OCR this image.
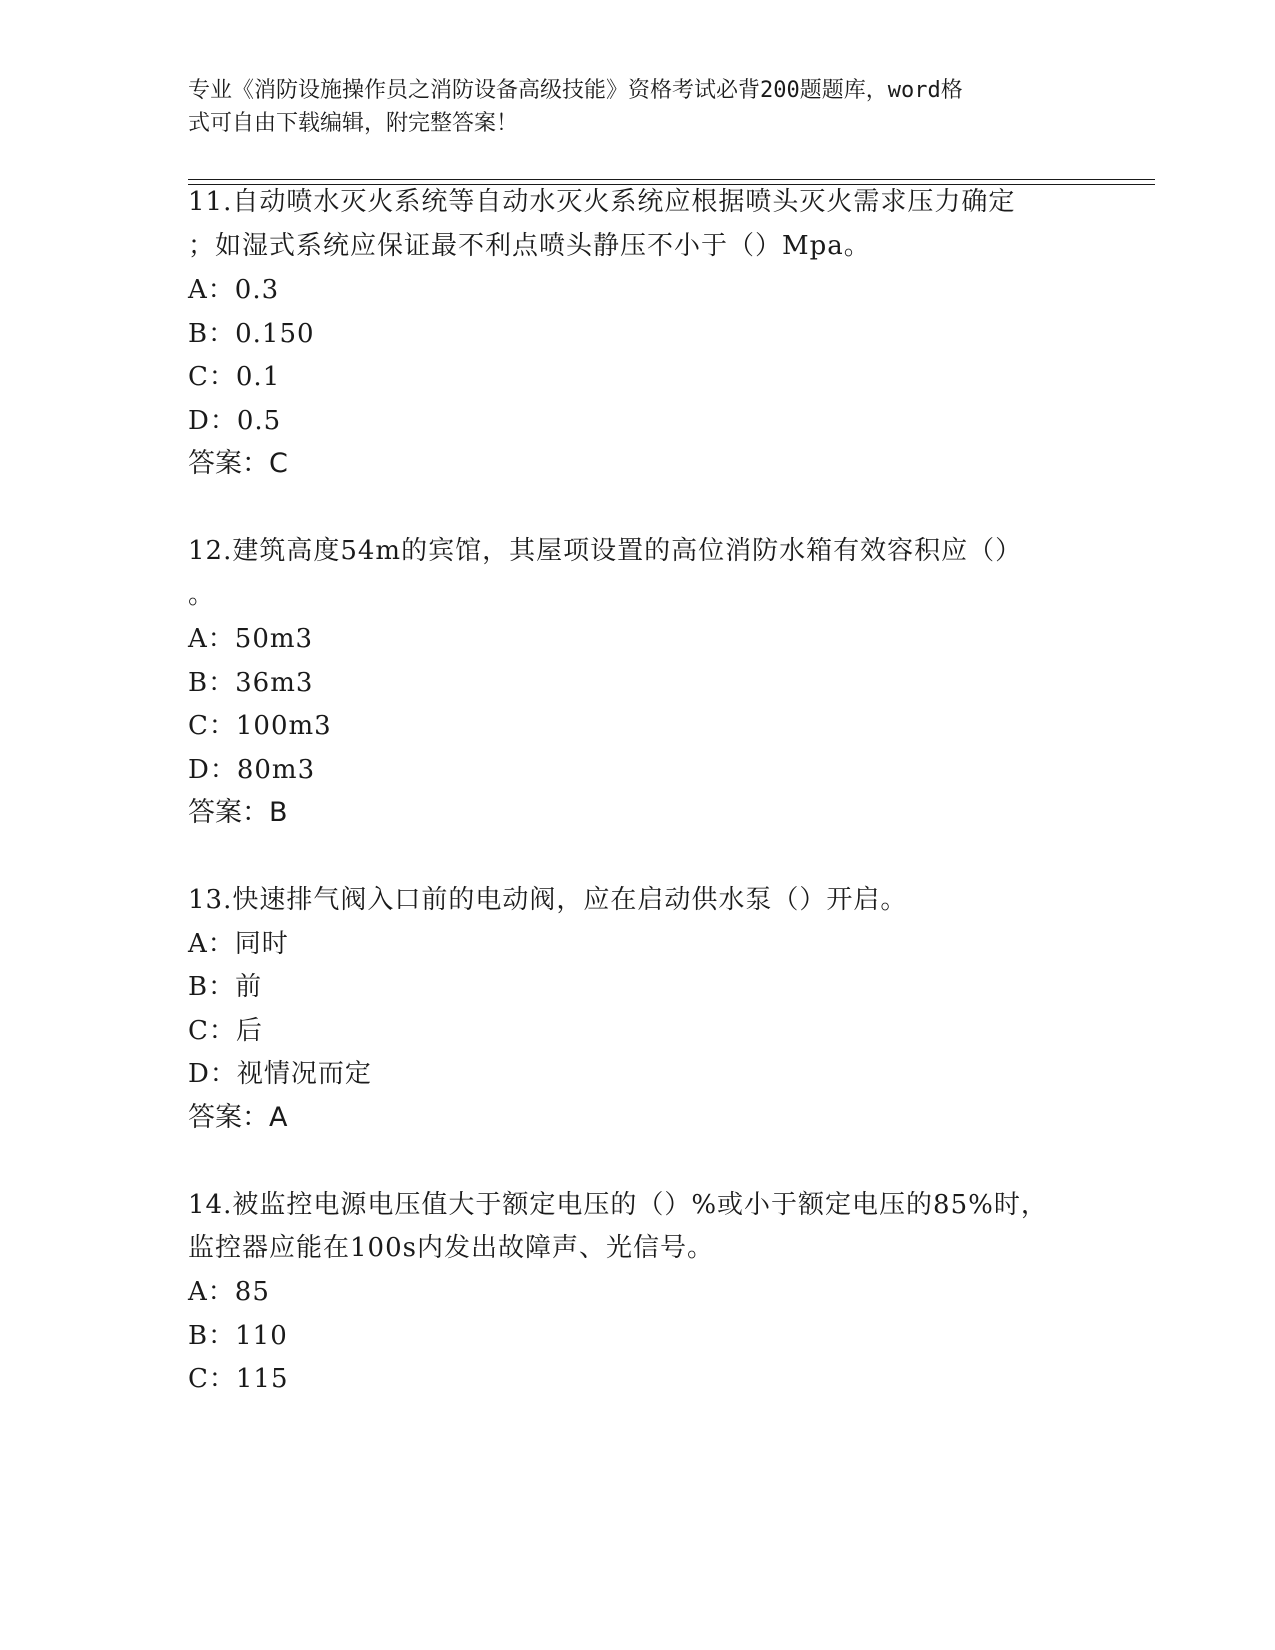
专业《消防设施操作员之消防设备高级技能》资格考试必背200题题库，word格
式可自由下载编辑，附完整答案！
11.自动喷水灭火系统等自动水灭火系统应根据喷头灭火需求压力确定
；如湿式系统应保证最不利点喷头静压不小于（）Mpa。
A：0.3
B：0.150
C：0.1
D：0.5
答案：C
12.建筑高度54m的宾馆，其屋项设置的高位消防水箱有效容积应（）
。
A：50m3
B：36m3
C：100m3
D：80m3
答案：B
13.快速排气阀入口前的电动阀，应在启动供水泵（）开启。
A：同时
B：前
C：后
D：视情况而定
答案：A
14.被监控电源电压值大于额定电压的（）%或小于额定电压的85%时，
监控器应能在100s内发出故障声、光信号。
A：85
B：110
C：115
